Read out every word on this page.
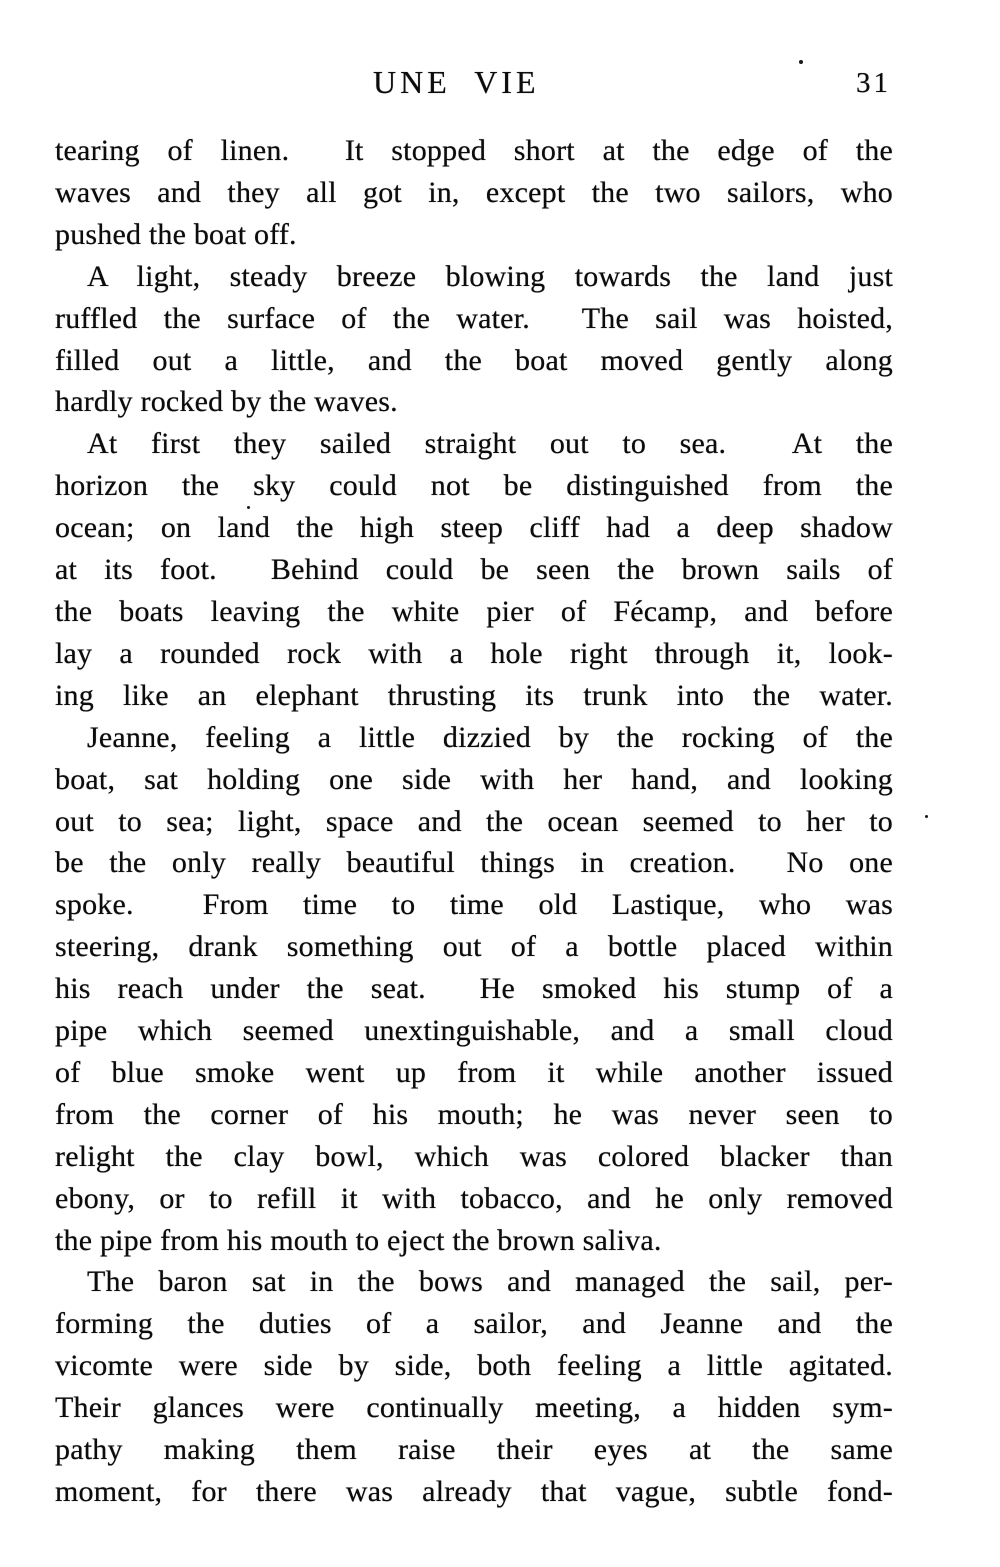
UNE VIE	31

tearing of linen.  It stopped short at the edge of the
waves and they all got in, except the two sailors, who
pushed the boat off.

A light, steady breeze blowing towards the land just
ruffled the surface of the water.  The sail was hoisted,
filled out a little, and the boat moved gently along
hardly rocked by the waves.

At first they sailed straight out to sea.  At the
horizon the sky could not be distinguished from the
ocean; on land the high steep cliff had a deep shadow
at its foot.  Behind could be seen the brown sails of
the boats leaving the white pier of Fécamp, and before
lay a rounded rock with a hole right through it, look-
ing like an elephant thrusting its trunk into the water.

Jeanne, feeling a little dizzied by the rocking of the
boat, sat holding one side with her hand, and looking
out to sea; light, space and the ocean seemed to her to
be the only really beautiful things in creation.  No one
spoke.  From time to time old Lastique, who was
steering, drank something out of a bottle placed within
his reach under the seat.  He smoked his stump of a
pipe which seemed unextinguishable, and a small cloud
of blue smoke went up from it while another issued
from the corner of his mouth; he was never seen to
relight the clay bowl, which was colored blacker than
ebony, or to refill it with tobacco, and he only removed
the pipe from his mouth to eject the brown saliva.

The baron sat in the bows and managed the sail, per-
forming the duties of a sailor, and Jeanne and the
vicomte were side by side, both feeling a little agitated.
Their glances were continually meeting, a hidden sym-
pathy making them raise their eyes at the same
moment, for there was already that vague, subtle fond-
